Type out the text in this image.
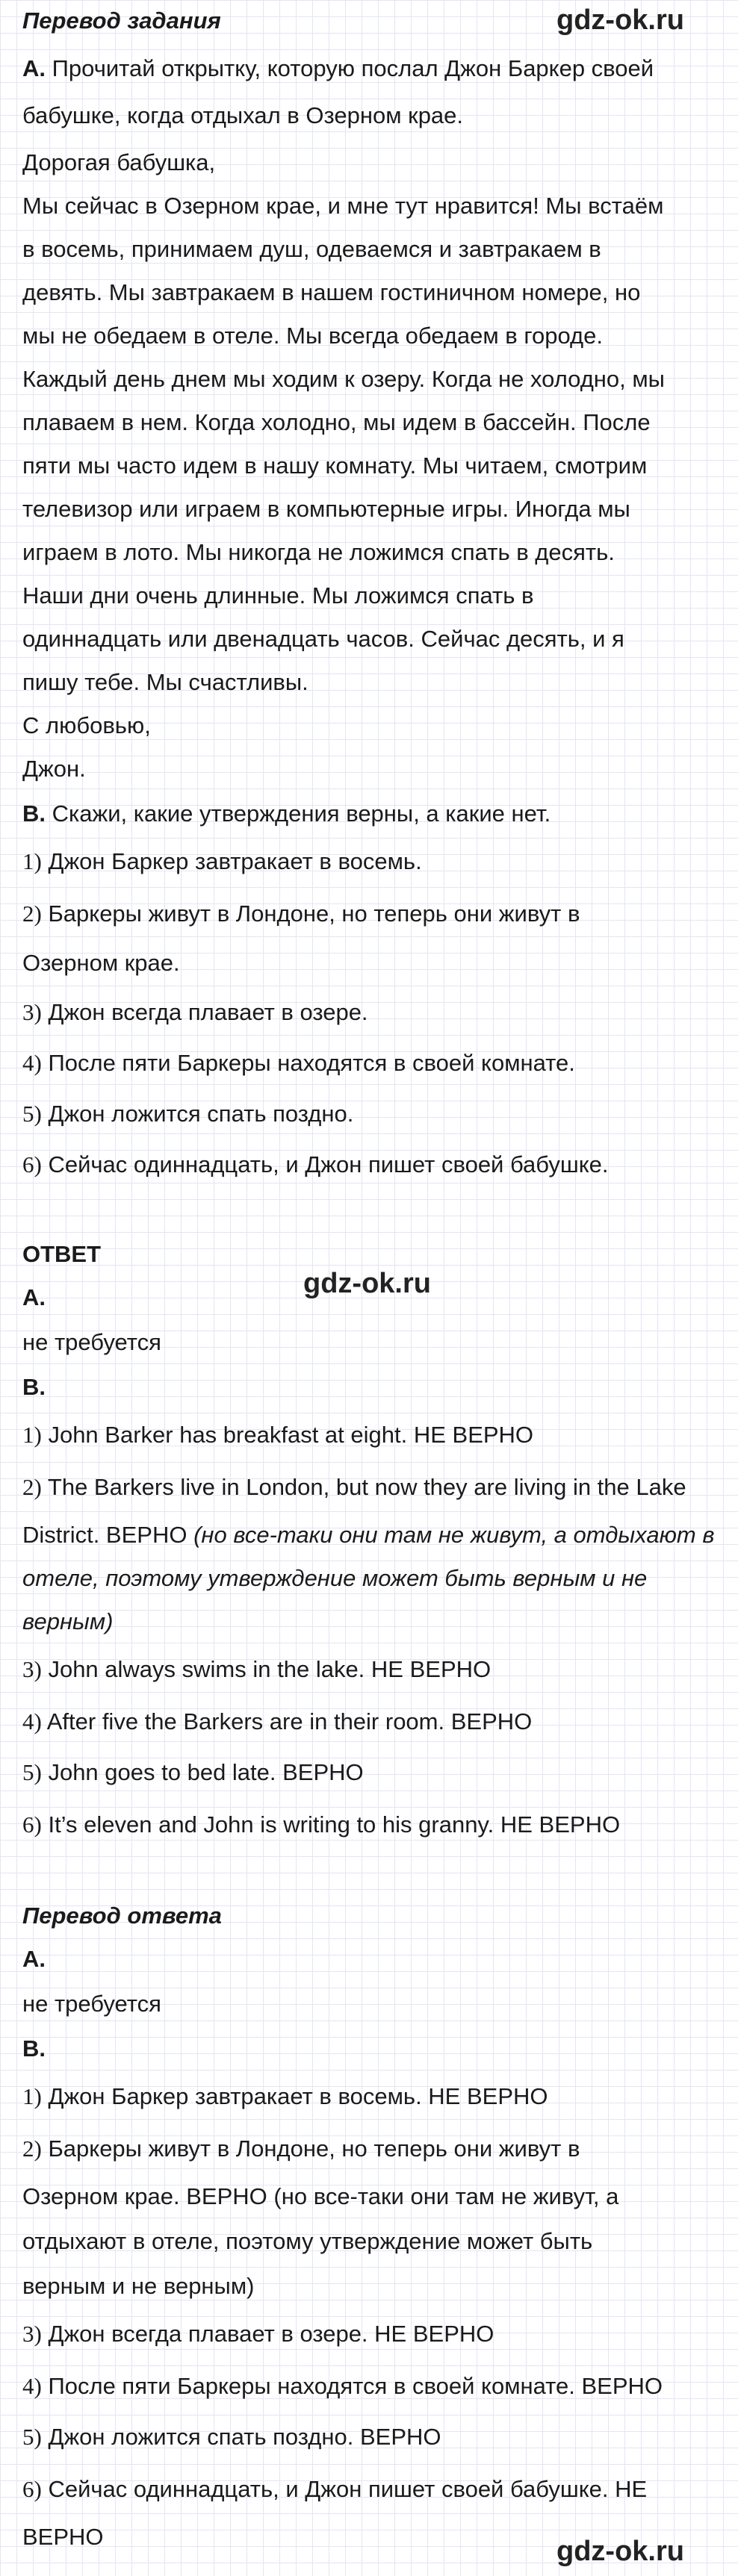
Перевод задания	gdz-ok.ru
А. Прочитай открытку, которую послал Джон Баркер своей
бабушке, когда отдыхал в Озерном крае.
Дорогая бабушка,
Мы сейчас в Озерном крае, и мне тут нравится! Мы встаём
в восемь, принимаем душ, одеваемся и завтракаем в
девять. Мы завтракаем в нашем гостиничном номере, но
мы не обедаем в отеле. Мы всегда обедаем в городе.
Каждый день днем мы ходим к озеру. Когда не холодно, мы
плаваем в нем. Когда холодно, мы идем в бассейн. После
пяти мы часто идем в нашу комнату. Мы читаем, смотрим
телевизор или играем в компьютерные игры. Иногда мы
играем в лото. Мы никогда не ложимся спать в десять.
Наши дни очень длинные. Мы ложимся спать в
одиннадцать или двенадцать часов. Сейчас десять, и я
пишу тебе. Мы счастливы.
С любовью,
Джон.
В. Скажи, какие утверждения верны, а какие нет.
1) Джон Баркер завтракает в восемь.
2) Баркеры живут в Лондоне, но теперь они живут в
Озерном крае.
3) Джон всегда плавает в озере.
4) После пяти Баркеры находятся в своей комнате.
5) Джон ложится спать поздно.
6) Сейчас одиннадцать, и Джон пишет своей бабушке.
ОТВЕТ
gdz-ok.ru
A.
не требуется
B.
1) John Barker has breakfast at eight. НЕ ВЕРНО
2) The Barkers live in London, but now they are living in the Lake
District. ВЕРНО (но все-таки они там не живут, а отдыхают в
отеле, поэтому утверждение может быть верным и не
верным)
3) John always swims in the lake. НЕ ВЕРНО
4) After five the Barkers are in their room. ВЕРНО
5) John goes to bed late. ВЕРНО
6) It’s eleven and John is writing to his granny. НЕ ВЕРНО
Перевод ответа
А.
не требуется
В.
1) Джон Баркер завтракает в восемь. НЕ ВЕРНО
2) Баркеры живут в Лондоне, но теперь они живут в
Озерном крае. ВЕРНО (но все-таки они там не живут, а
отдыхают в отеле, поэтому утверждение может быть
верным и не верным)
3) Джон всегда плавает в озере. НЕ ВЕРНО
4) После пяти Баркеры находятся в своей комнате. ВЕРНО
5) Джон ложится спать поздно. ВЕРНО
6) Сейчас одиннадцать, и Джон пишет своей бабушке. НЕ
ВЕРНО	gdz-ok.ru
